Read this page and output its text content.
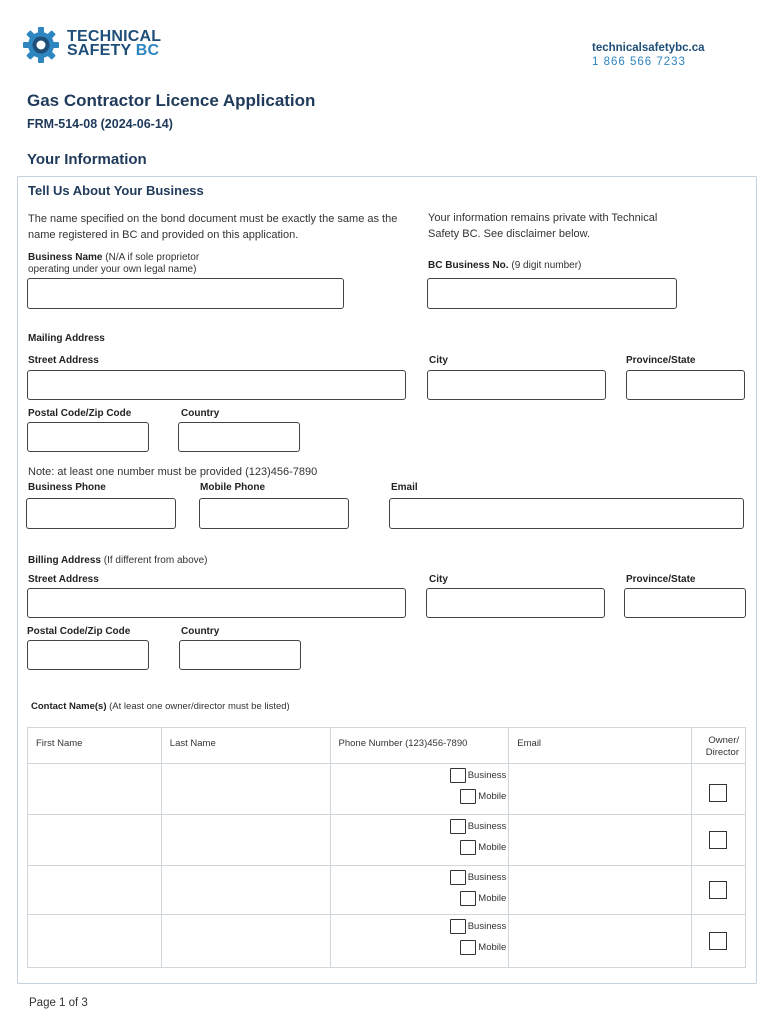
TECHNICAL
SAFETY BC	technicalsafetybc.ca
1 866 566 7233
Gas Contractor Licence Application
FRM-514-08 (2024-06-14)
Your Information
Tell Us About Your Business
The name specified on the bond document must be exactly the same as the name registered in BC and provided on this application.
Your information remains private with Technical Safety BC. See disclaimer below.
Business Name (N/A if sole proprietor operating under your own legal name)	BC Business No. (9 digit number)
Mailing Address
Street Address	City	Province/State
Postal Code/Zip Code	Country
Note: at least one number must be provided (123)456-7890
Business Phone	Mobile Phone	Email
Billing Address (If different from above)
Street Address	City	Province/State
Postal Code/Zip Code	Country
Contact Name(s) (At least one owner/director must be listed)
First Name	Last Name	Phone Number (123)456-7890	Email	Owner/
Director

		Business
Mobile		

		Business
Mobile		

		Business
Mobile		

		Business
Mobile		

Page 1 of 3
